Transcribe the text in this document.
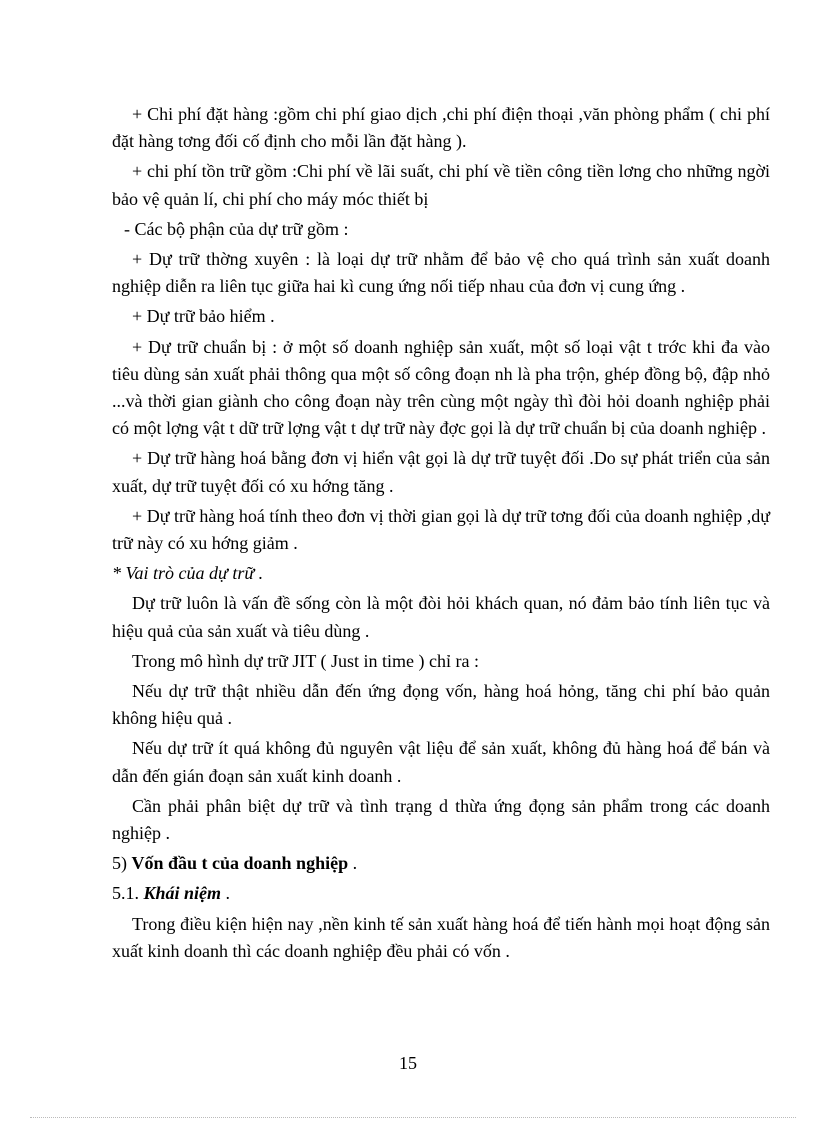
+ Chi phí đặt hàng :gồm chi phí giao dịch ,chi phí điện thoại ,văn phòng phẩm ( chi phí đặt hàng tơng đối cố định cho mỗi lần đặt hàng ).

+ chi phí tồn trữ gồm :Chi phí về lãi suất, chi phí về tiền công tiền lơng cho những ngời bảo vệ quản lí, chi phí cho máy móc thiết bị

- Các bộ phận của dự trữ gồm :

+ Dự trữ thờng xuyên : là loại dự trữ nhằm để bảo vệ cho quá trình sản xuất doanh nghiệp diễn ra liên tục giữa hai kì cung ứng nối tiếp nhau của đơn vị cung ứng .

+ Dự trữ bảo hiểm .

+ Dự trữ chuẩn bị : ở một số doanh nghiệp sản xuất, một số loại vật t trớc khi đa vào tiêu dùng sản xuất phải thông qua một số công đoạn nh là pha trộn, ghép đồng bộ, đập nhỏ ...và thời gian giành cho công đoạn này trên cùng một ngày thì đòi hỏi doanh nghiệp phải có một lợng vật t dữ trữ lợng vật t dự trữ này đợc gọi là dự trữ chuẩn bị của doanh nghiệp .

+ Dự trữ hàng hoá bằng đơn vị hiển vật gọi là dự trữ tuyệt đối .Do sự phát triển của sản xuất, dự trữ tuyệt đối có xu hớng tăng .

+ Dự trữ hàng hoá tính theo đơn vị thời gian gọi là dự trữ tơng đối của doanh nghiệp ,dự trữ này có xu hớng giảm .

* Vai trò của dự trữ .

Dự trữ luôn là vấn đề sống còn là một đòi hỏi khách quan, nó đảm bảo tính liên tục và hiệu quả của sản xuất và tiêu dùng .

Trong mô hình dự trữ JIT ( Just in time ) chỉ ra :

Nếu dự trữ thật nhiều dẫn đến ứng đọng vốn, hàng hoá hỏng, tăng chi phí bảo quản không hiệu quả .

Nếu dự trữ ít quá không đủ nguyên vật liệu để sản xuất, không đủ hàng hoá để bán và dẫn đến gián đoạn sản xuất kinh doanh .

Cần phải phân biệt dự trữ và tình trạng d thừa ứng đọng sản phẩm trong các doanh nghiệp .

5) Vốn đầu t của doanh nghiệp .

5.1. Khái niệm .

Trong điều kiện hiện nay ,nền kinh tế sản xuất hàng hoá để tiến hành mọi hoạt động sản xuất kinh doanh thì các doanh nghiệp đều phải có vốn .

15
